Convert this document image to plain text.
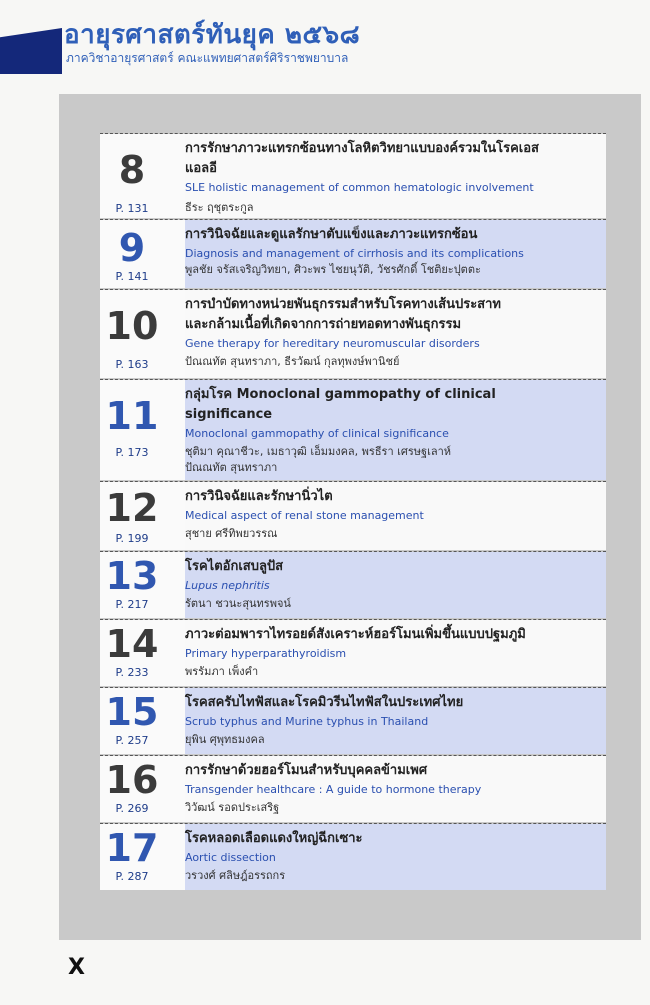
อายุรศาสตร์ทันยุค ๒๕๖๘
ภาควิชาอายุรศาสตร์ คณะแพทยศาสตร์ศิริราชพยาบาล
8
P. 131
การรักษาภาวะแทรกซ้อนทางโลหิตวิทยาแบบองค์รวมในโรคเอส
แอลอี
SLE holistic management of common hematologic involvement
ธีระ ฤชุตระกูล
9
P. 141
การวินิจฉัยและดูแลรักษาตับแข็งและภาวะแทรกซ้อน
Diagnosis and management of cirrhosis and its complications
พูลชัย จรัสเจริญวิทยา, ศิวะพร ไชยนุวัติ, วัชรศักดิ์ โชติยะปุตตะ
10
P. 163
การบำบัดทางหน่วยพันธุกรรมสำหรับโรคทางเส้นประสาท
และกล้ามเนื้อที่เกิดจากการถ่ายทอดทางพันธุกรรม
Gene therapy for hereditary neuromuscular disorders
ปัณณทัต สุนทราภา, ธีรวัฒน์ กุลทุพงษ์พานิชย์
11
P. 173
กลุ่มโรค Monoclonal gammopathy of clinical
significance
Monoclonal gammopathy of clinical significance
ชุติมา คุณาชีวะ, เมธาวุฒิ เอ็มมงคล, พรธีรา เศรษฐเลาห์
ปัณณทัต สุนทราภา
12
P. 199
การวินิจฉัยและรักษานิ่วไต
Medical aspect of renal stone management
สุชาย ศรีทิพยวรรณ
13
P. 217
โรคไตอักเสบลูปัส
Lupus nephritis
รัตนา ชวนะสุนทรพจน์
14
P. 233
ภาวะต่อมพาราไทรอยด์สังเคราะห์ฮอร์โมนเพิ่มขึ้นแบบปฐมภูมิ
Primary hyperparathyroidism
พรรัมภา เพ็งคำ
15
P. 257
โรคสครับไทฟัสและโรคมิวรีนไทฟัสในประเทศไทย
Scrub typhus and Murine typhus in Thailand
ยุพิน ศุพุทธมงคล
16
P. 269
การรักษาด้วยฮอร์โมนสำหรับบุคคลข้ามเพศ
Transgender healthcare : A guide to hormone therapy
วิวัฒน์ รอดประเสริฐ
17
P. 287
โรคหลอดเลือดแดงใหญ่ฉีกเซาะ
Aortic dissection
วรวงศ์ ศลิษฎ์อรรถกร
X
